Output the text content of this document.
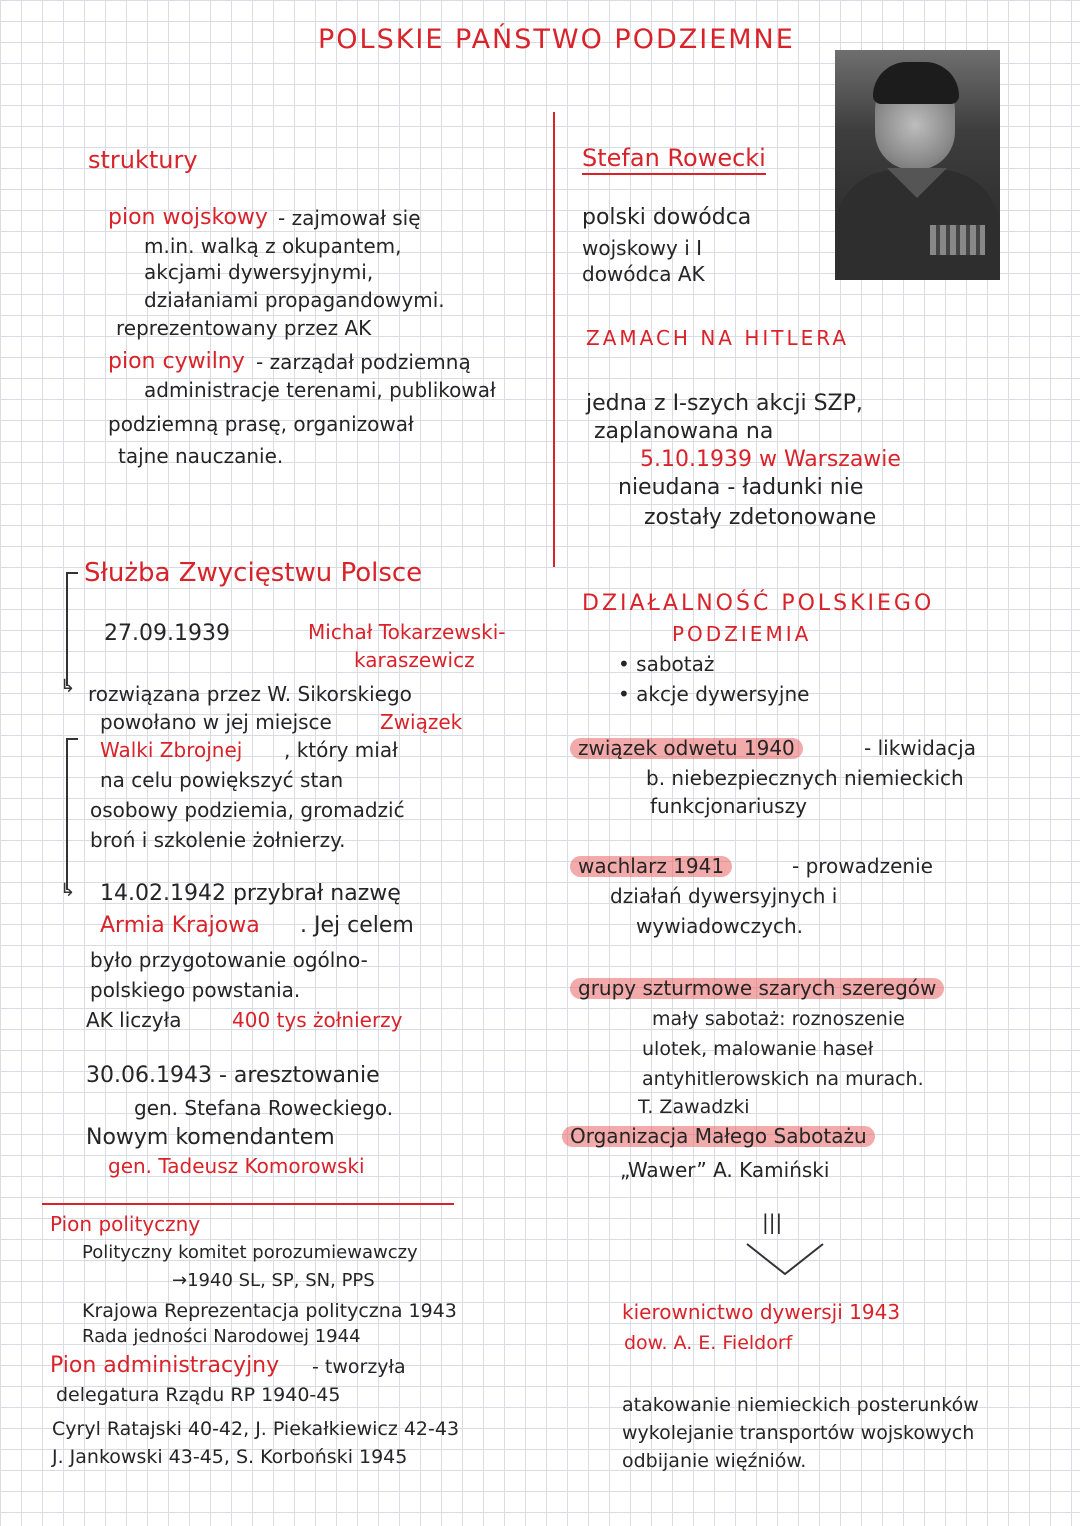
POLSKIE PAŃSTWO PODZIEMNE
struktury
pion wojskowy - zajmował się
m.in. walką z okupantem,
akcjami dywersyjnymi,
działaniami propagandowymi.
reprezentowany przez AK
pion cywilny - zarządał podziemną
administracje terenami, publikował
podziemną prasę, organizował
tajne nauczanie.
↳
Służba Zwycięstwu Polsce
27.09.1939	Michał Tokarzewski-
karaszewicz
rozwiązana przez W. Sikorskiego
powołano w jej miejsce Związek
↳
Walki Zbrojnej , który miał
na celu powiększyć stan
osobowy podziemia, gromadzić
broń i szkolenie żołnierzy.
14.02.1942 przybrał nazwę
Armia Krajowa . Jej celem
było przygotowanie ogólno-
polskiego powstania.
AK liczyła	400 tys żołnierzy
30.06.1943 - aresztowanie
gen. Stefana Roweckiego.
Nowym komendantem
gen. Tadeusz Komorowski
Pion polityczny
Polityczny komitet porozumiewawczy
→1940 SL, SP, SN, PPS
Krajowa Reprezentacja polityczna 1943
Rada jedności Narodowej 1944
Pion administracyjny - tworzyła
delegatura Rządu RP 1940-45
Cyryl Ratajski 40-42, J. Piekałkiewicz 42-43
J. Jankowski 43-45, S. Korboński 1945
Stefan Rowecki
polski dowódca
wojskowy i I
dowódca AK
ZAMACH NA HITLERA
jedna z I-szych akcji SZP,
zaplanowana na
5.10.1939 w Warszawie
nieudana - ładunki nie
zostały zdetonowane
DZIAŁALNOŚĆ POLSKIEGO
PODZIEMIA
• sabotaż
• akcje dywersyjne
związek odwetu 1940	- likwidacja
b. niebezpiecznych niemieckich
funkcjonariuszy
wachlarz 1941	- prowadzenie
działań dywersyjnych i
wywiadowczych.
grupy szturmowe szarych szeregów
mały sabotaż: roznoszenie
ulotek, malowanie haseł
antyhitlerowskich na murach.
T. Zawadzki
Organizacja Małego Sabotażu
„Wawer” A. Kamiński
|||
kierownictwo dywersji 1943
dow. A. E. Fieldorf
atakowanie niemieckich posterunków
wykolejanie transportów wojskowych
odbijanie więźniów.
